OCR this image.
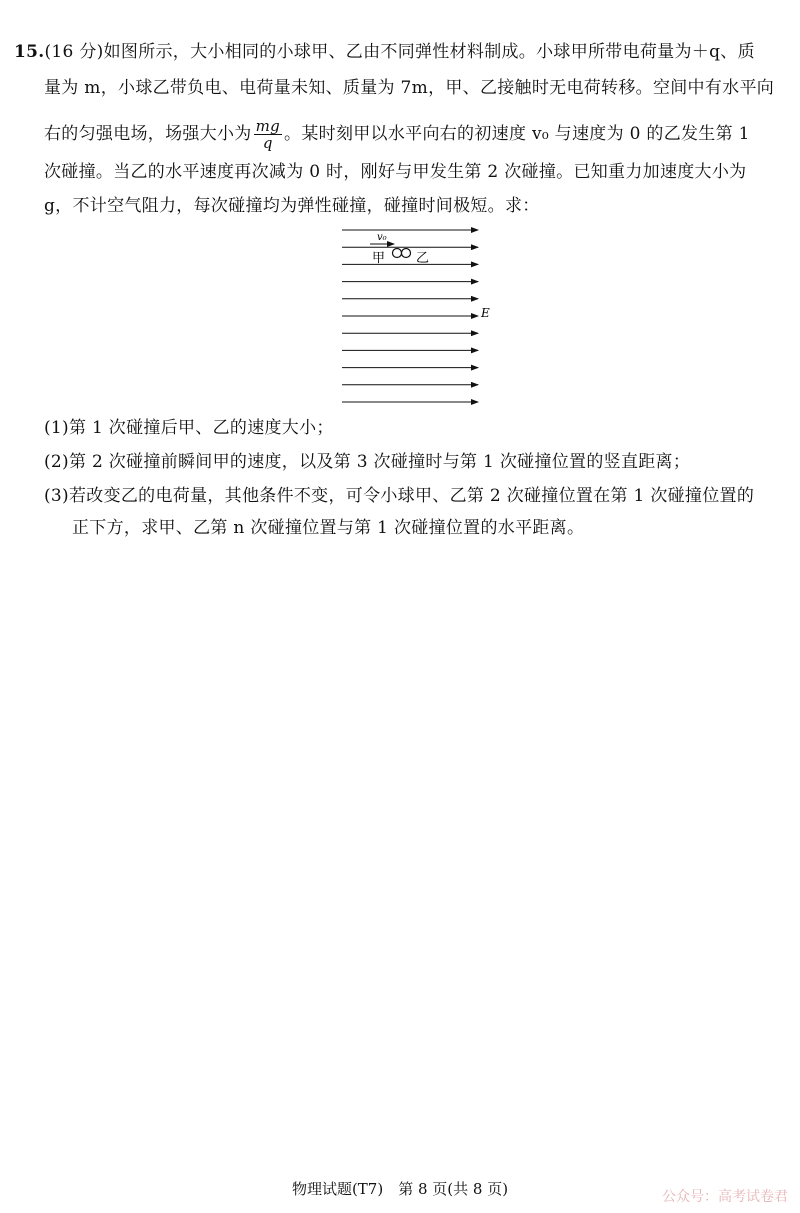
15.(16 分)如图所示，大小相同的小球甲、乙由不同弹性材料制成。小球甲所带电荷量为＋q、质
量为 m，小球乙带负电、电荷量未知、质量为 7m，甲、乙接触时无电荷转移。空间中有水平向
右的匀强电场，场强大小为 $\frac{mg}{q}$ 。某时刻甲以水平向右的初速度 v₀ 与速度为 0 的乙发生第 1
次碰撞。当乙的水平速度再次减为 0 时，刚好与甲发生第 2 次碰撞。已知重力加速度大小为
g，不计空气阻力，每次碰撞均为弹性碰撞，碰撞时间极短。求：
v₀
甲 乙
E
(1)第 1 次碰撞后甲、乙的速度大小；
(2)第 2 次碰撞前瞬间甲的速度，以及第 3 次碰撞时与第 1 次碰撞位置的竖直距离；
(3)若改变乙的电荷量，其他条件不变，可令小球甲、乙第 2 次碰撞位置在第 1 次碰撞位置的
正下方，求甲、乙第 n 次碰撞位置与第 1 次碰撞位置的水平距离。
物理试题(T7)　第 8 页(共 8 页)	公众号：高考试卷君
